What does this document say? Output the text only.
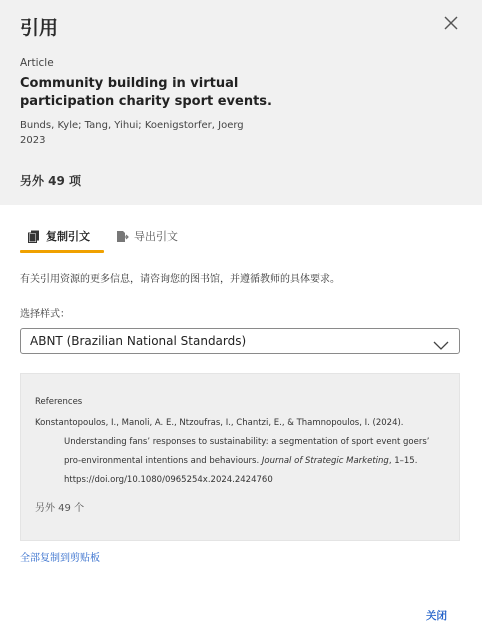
引用
Article
Community building in virtual participation charity sport events.
Bunds, Kyle; Tang, Yihui; Koenigstorfer, Joerg
2023
另外 49 项
复制引文	导出引文
有关引用资源的更多信息，请咨询您的图书馆，并遵循教师的具体要求。
选择样式：
ABNT (Brazilian National Standards)
References
Konstantopoulos, I., Manoli, A. E., Ntzoufras, I., Chantzi, E., & Thamnopoulos, I. (2024).
Understanding fans’ responses to sustainability: a segmentation of sport event goers’
pro-environmental intentions and behaviours. Journal of Strategic Marketing, 1–15.
https://doi.org/10.1080/0965254x.2024.2424760
另外 49 个
全部复制到剪贴板
关闭
